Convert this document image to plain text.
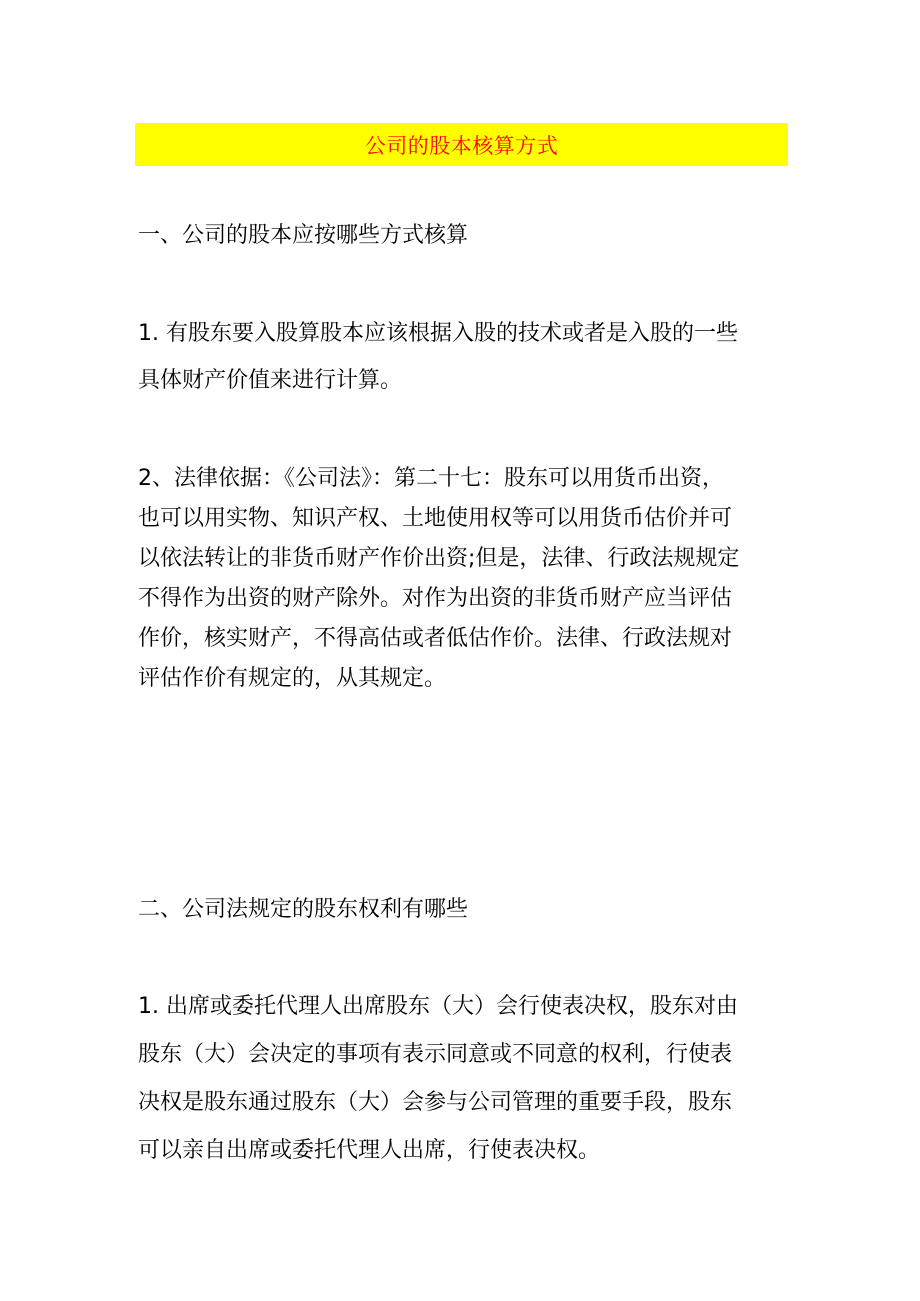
公司的股本核算方式
一、公司的股本应按哪些方式核算
1. 有股东要入股算股本应该根据入股的技术或者是入股的一些
具体财产价值来进行计算。
2、法律依据：《公司法》：第二十七：股东可以用货币出资，
也可以用实物、知识产权、土地使用权等可以用货币估价并可
以依法转让的非货币财产作价出资;但是，法律、行政法规规定
不得作为出资的财产除外。对作为出资的非货币财产应当评估
作价，核实财产，不得高估或者低估作价。法律、行政法规对
评估作价有规定的，从其规定。
二、公司法规定的股东权利有哪些
1. 出席或委托代理人出席股东（大）会行使表决权，股东对由
股东（大）会决定的事项有表示同意或不同意的权利，行使表
决权是股东通过股东（大）会参与公司管理的重要手段，股东
可以亲自出席或委托代理人出席，行使表决权。
